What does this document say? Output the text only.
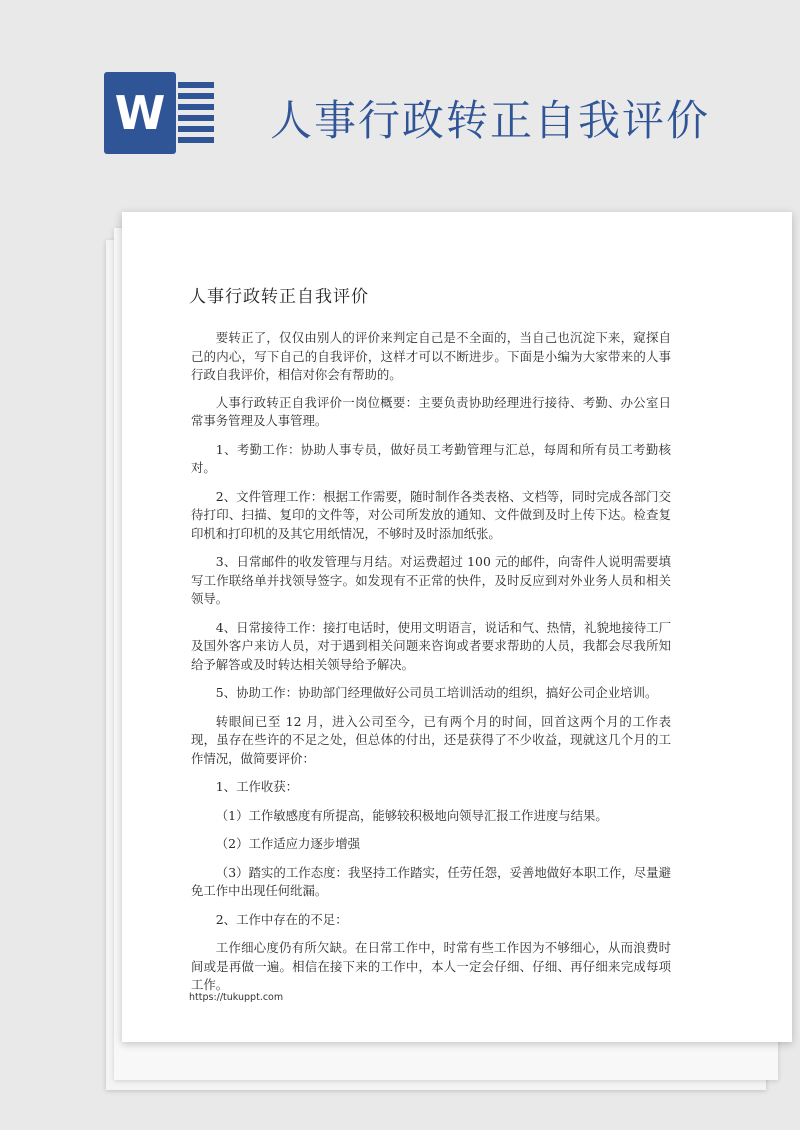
W 人事行政转正自我评价
人事行政转正自我评价

要转正了，仅仅由别人的评价来判定自己是不全面的，当自己也沉淀下来，窥探自己的内心，写下自己的自我评价，这样才可以不断进步。下面是小编为大家带来的人事行政自我评价，相信对你会有帮助的。

人事行政转正自我评价一岗位概要：主要负责协助经理进行接待、考勤、办公室日常事务管理及人事管理。

1、考勤工作：协助人事专员，做好员工考勤管理与汇总，每周和所有员工考勤核对。

2、文件管理工作：根据工作需要，随时制作各类表格、文档等，同时完成各部门交待打印、扫描、复印的文件等，对公司所发放的通知、文件做到及时上传下达。检查复印机和打印机的及其它用纸情况，不够时及时添加纸张。

3、日常邮件的收发管理与月结。对运费超过 100 元的邮件，向寄件人说明需要填写工作联络单并找领导签字。如发现有不正常的快件，及时反应到对外业务人员和相关领导。

4、日常接待工作：接打电话时，使用文明语言，说话和气、热情，礼貌地接待工厂及国外客户来访人员，对于遇到相关问题来咨询或者要求帮助的人员，我都会尽我所知给予解答或及时转达相关领导给予解决。

5、协助工作：协助部门经理做好公司员工培训活动的组织，搞好公司企业培训。

转眼间已至 12 月，进入公司至今，已有两个月的时间，回首这两个月的工作表现，虽存在些许的不足之处，但总体的付出，还是获得了不少收益，现就这几个月的工作情况，做简要评价：

1、工作收获：

（1）工作敏感度有所提高，能够较积极地向领导汇报工作进度与结果。

（2）工作适应力逐步增强

（3）踏实的工作态度：我坚持工作踏实，任劳任怨，妥善地做好本职工作，尽量避免工作中出现任何纰漏。

2、工作中存在的不足：

工作细心度仍有所欠缺。在日常工作中，时常有些工作因为不够细心，从而浪费时间或是再做一遍。相信在接下来的工作中，本人一定会仔细、仔细、再仔细来完成每项工作。

https://tukuppt.com
